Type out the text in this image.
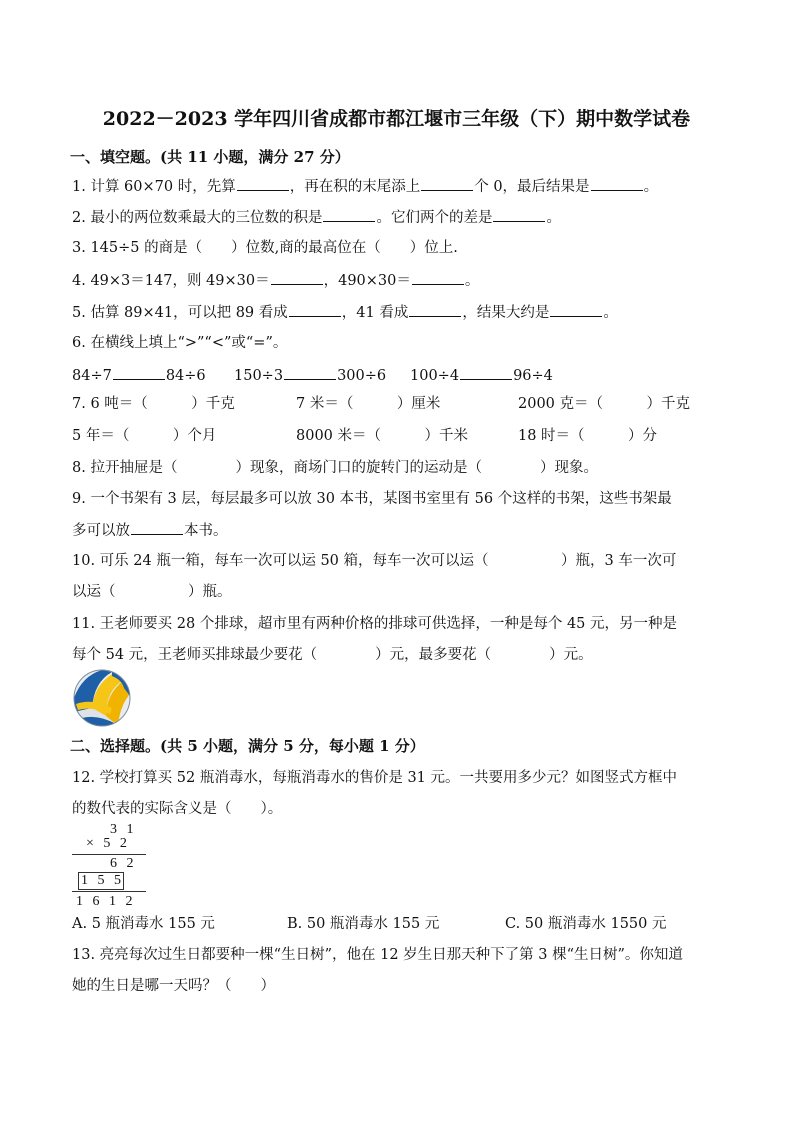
2022－2023 学年四川省成都市都江堰市三年级（下）期中数学试卷
一、填空题。(共 11 小题，满分 27 分）
1. 计算 60×70 时，先算	，再在积的末尾添上	个 0，最后结果是	。
2. 最小的两位数乘最大的三位数的积是	。它们两个的差是	。
3. 145÷5 的商是（　　）位数,商的最高位在（　　）位上.
4. 49×3＝147，则 49×30＝	，490×30＝	。
5. 估算 89×41，可以把 89 看成	，41 看成	，结果大约是	。
6. 在横线上填上“>”“<”或“=”。
84÷7	84÷6 150÷3	300÷6 100÷4	96÷4
7. 6 吨＝（　　　）千克	7 米＝（　　　）厘米	2000 克＝（　　　）千克
5 年＝（　　　）个月	8000 米＝（　　　）千米	18 时＝（　　　）分
8. 拉开抽屉是（　　　　）现象，商场门口的旋转门的运动是（　　　　）现象。
9. 一个书架有 3 层，每层最多可以放 30 本书，某图书室里有 56 个这样的书架，这些书架最
多可以放	本书。
10. 可乐 24 瓶一箱，每车一次可以运 50 箱，每车一次可以运（　　　　　）瓶，3 车一次可
以运（　　　　　）瓶。
11. 王老师要买 28 个排球，超市里有两种价格的排球可供选择，一种是每个 45 元，另一种是
每个 54 元，王老师买排球最少要花（　　　　）元，最多要花（　　　　）元。
二、选择题。(共 5 小题，满分 5 分，每小题 1 分）
12. 学校打算买 52 瓶消毒水，每瓶消毒水的售价是 31 元。一共要用多少元？如图竖式方框中
的数代表的实际含义是（　　）。
3 1
× 5 2
6 2
1 5 5
1 6 1 2
A. 5 瓶消毒水 155 元	B. 50 瓶消毒水 155 元	C. 50 瓶消毒水 1550 元
13. 亮亮每次过生日都要种一棵“生日树”，他在 12 岁生日那天种下了第 3 棵“生日树”。你知道
她的生日是哪一天吗？（　　）
